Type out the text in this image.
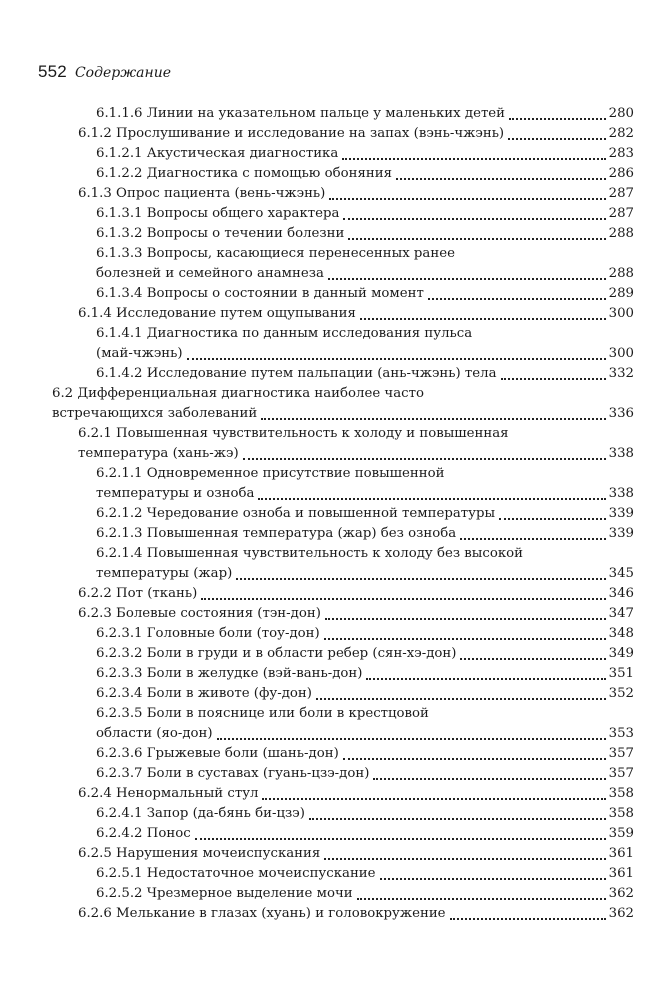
552 Содержание
6.1.1.6 Линии на указательном пальце у маленьких детей	280
6.1.2 Прослушивание и исследование на запах (вэнь-чжэнь)	282
6.1.2.1 Акустическая диагностика	283
6.1.2.2 Диагностика с помощью обоняния	286
6.1.3 Опрос пациента (вень-чжэнь)	287
6.1.3.1 Вопросы общего характера	287
6.1.3.2 Вопросы о течении болезни	288
6.1.3.3 Вопросы, касающиеся перенесенных ранее
болезней и семейного анамнеза	288
6.1.3.4 Вопросы о состоянии в данный момент	289
6.1.4 Исследование путем ощупывания	300
6.1.4.1 Диагностика по данным исследования пульса
(май-чжэнь)	300
6.1.4.2 Исследование путем пальпации (ань-чжэнь) тела	332
6.2 Дифференциальная диагностика наиболее часто
встречающихся заболеваний	336
6.2.1 Повышенная чувствительность к холоду и повышенная
температура (хань-жэ)	338
6.2.1.1 Одновременное присутствие повышенной
температуры и озноба	338
6.2.1.2 Чередование озноба и повышенной температуры	339
6.2.1.3 Повышенная температура (жар) без озноба	339
6.2.1.4 Повышенная чувствительность к холоду без высокой
температуры (жар)	345
6.2.2 Пот (ткань)	346
6.2.3 Болевые состояния (тэн-дон)	347
6.2.3.1 Головные боли (тоу-дон)	348
6.2.3.2 Боли в груди и в области ребер (сян-хэ-дон)	349
6.2.3.3 Боли в желудке (вэй-вань-дон)	351
6.2.3.4 Боли в животе (фу-дон)	352
6.2.3.5 Боли в пояснице или боли в крестцовой
области (яо-дон)	353
6.2.3.6 Грыжевые боли (шань-дон)	357
6.2.3.7 Боли в суставах (гуань-цзэ-дон)	357
6.2.4 Ненормальный стул	358
6.2.4.1 Запор (да-бянь би-цзэ)	358
6.2.4.2 Понос	359
6.2.5 Нарушения мочеиспускания	361
6.2.5.1 Недостаточное мочеиспускание	361
6.2.5.2 Чрезмерное выделение мочи	362
6.2.6 Мелькание в глазах (хуань) и головокружение	362
